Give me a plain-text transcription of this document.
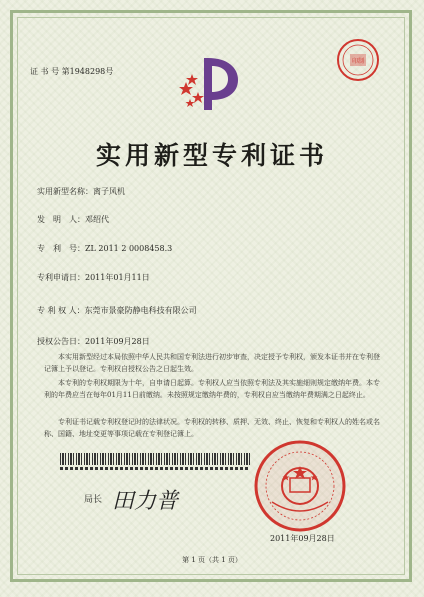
证 书 号 第1948298号
印制
实用新型专利证书
实用新型名称：离子风机
发　明　人：邓绍代
专　利　号：ZL 2011 2 0008458.3
专利申请日：2011年01月11日
专 利 权 人：东莞市景豪防静电科技有限公司
授权公告日：2011年09月28日
本实用新型经过本局依照中华人民共和国专利法进行初步审查，决定授予专利权，颁发本证书并在专利登记簿上予以登记。专利权自授权公告之日起生效。
本专利的专利权期限为十年，自申请日起算。专利权人应当依照专利法及其实施细则规定缴纳年费。本专利的年费应当在每年01月11日前缴纳。未按照规定缴纳年费的，专利权自应当缴纳年费期满之日起终止。
专利证书记载专利权登记时的法律状况。专利权的转移、质押、无效、终止、恢复和专利权人的姓名或名称、国籍、地址变更等事项记载在专利登记簿上。
局长 田力普
2011年09月28日
第 1 页（共 1 页）
